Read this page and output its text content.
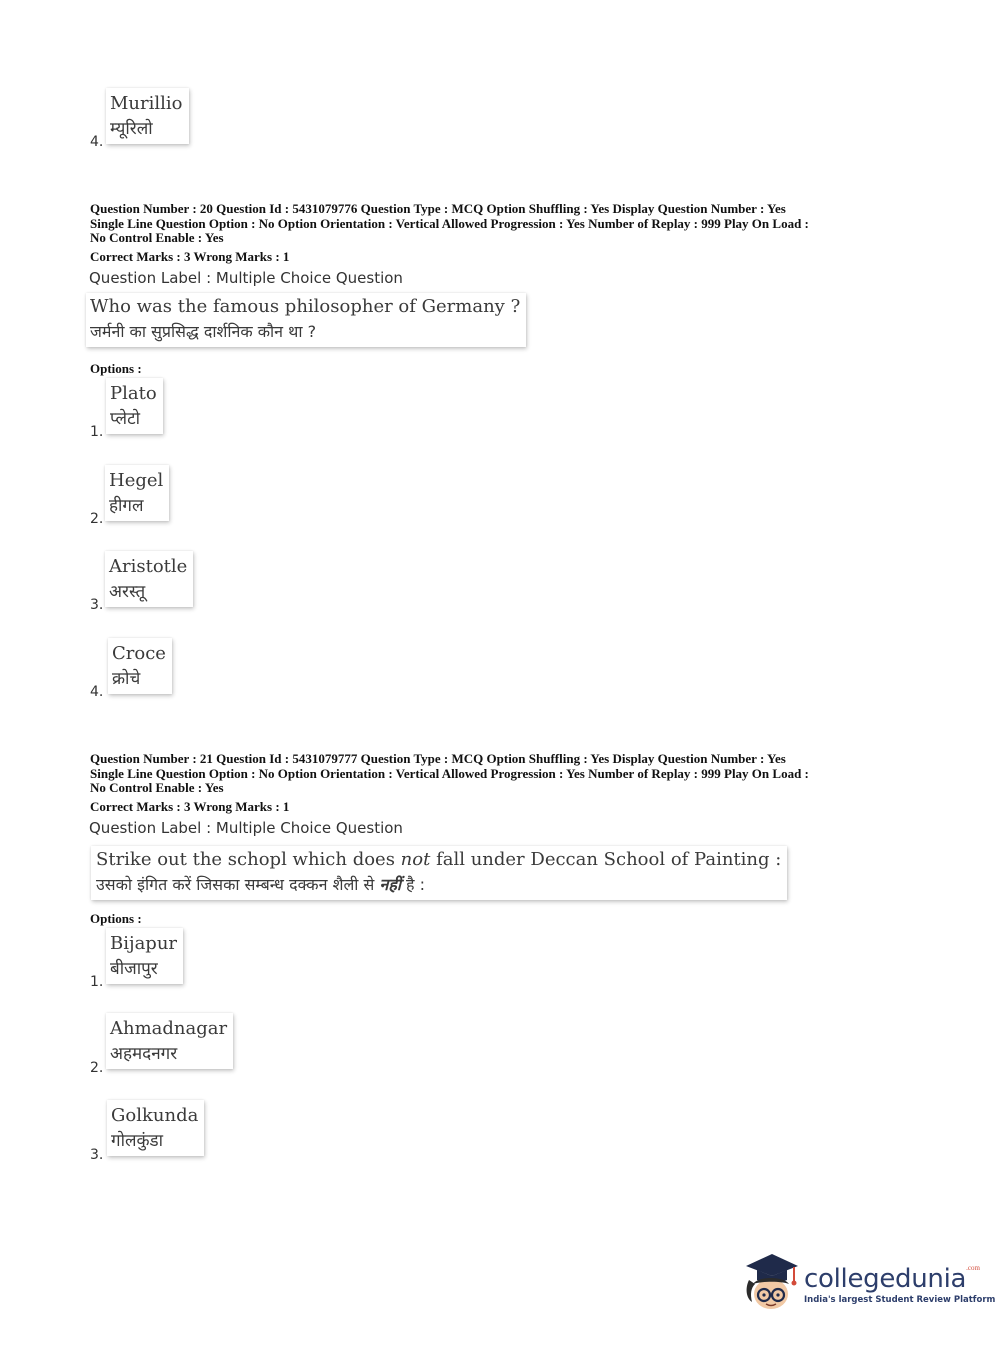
Murillio
म्यूरिलो
4.
Question Number : 20 Question Id : 5431079776 Question Type : MCQ Option Shuffling : Yes Display Question Number : Yes
Single Line Question Option : No Option Orientation : Vertical Allowed Progression : Yes Number of Replay : 999 Play On Load :
No Control Enable : Yes
Correct Marks : 3 Wrong Marks : 1
Question Label : Multiple Choice Question
Who was the famous philosopher of Germany ?
जर्मनी का सुप्रसिद्ध दार्शनिक कौन था ?
Options :
Plato
प्लेटो
1.
Hegel
हीगल
2.
Aristotle
अरस्तू
3.
Croce
क्रोचे
4.
Question Number : 21 Question Id : 5431079777 Question Type : MCQ Option Shuffling : Yes Display Question Number : Yes
Single Line Question Option : No Option Orientation : Vertical Allowed Progression : Yes Number of Replay : 999 Play On Load :
No Control Enable : Yes
Correct Marks : 3 Wrong Marks : 1
Question Label : Multiple Choice Question
Strike out the schopl which does not fall under Deccan School of Painting :
उसको इंगित करें जिसका सम्बन्ध दक्कन शैली से नहीं है :
Options :
Bijapur
बीजापुर
1.
Ahmadnagar
अहमदनगर
2.
Golkunda
गोलकुंडा
3.
collegedunia$^{.com}$
India's largest Student Review Platform
